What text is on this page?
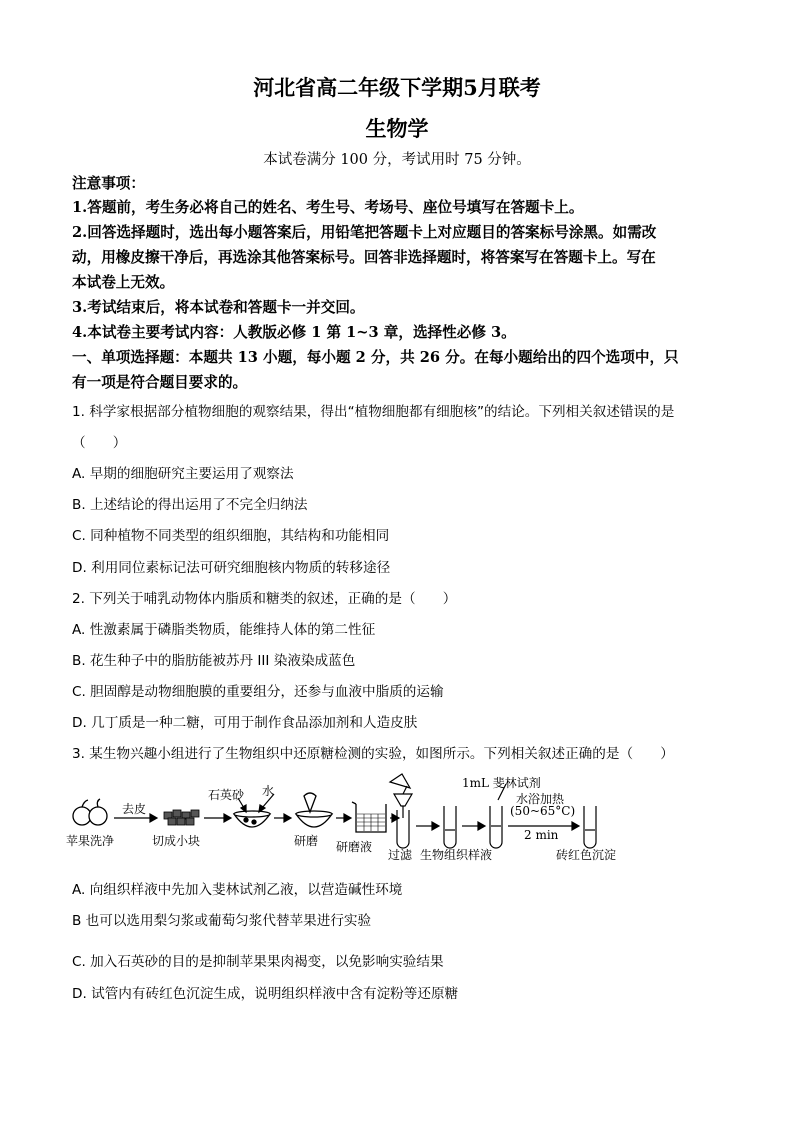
河北省高二年级下学期5月联考
生物学
本试卷满分 100 分，考试用时 75 分钟。
注意事项：
1.答题前，考生务必将自己的姓名、考生号、考场号、座位号填写在答题卡上。
2.回答选择题时，选出每小题答案后，用铅笔把答题卡上对应题目的答案标号涂黑。如需改
动，用橡皮擦干净后，再选涂其他答案标号。回答非选择题时，将答案写在答题卡上。写在
本试卷上无效。
3.考试结束后，将本试卷和答题卡一并交回。
4.本试卷主要考试内容：人教版必修 1 第 1~3 章，选择性必修 3。
一、单项选择题：本题共 13 小题，每小题 2 分，共 26 分。在每小题给出的四个选项中，只
有一项是符合题目要求的。
1. 科学家根据部分植物细胞的观察结果，得出“植物细胞都有细胞核”的结论。下列相关叙述错误的是
（　　）
A. 早期的细胞研究主要运用了观察法
B. 上述结论的得出运用了不完全归纳法
C. 同种植物不同类型的组织细胞，其结构和功能相同
D. 利用同位素标记法可研究细胞核内物质的转移途径
2. 下列关于哺乳动物体内脂质和糖类的叙述，正确的是（　　）
A. 性激素属于磷脂类物质，能维持人体的第二性征
B. 花生种子中的脂肪能被苏丹 III 染液染成蓝色
C. 胆固醇是动物细胞膜的重要组分，还参与血液中脂质的运输
D. 几丁质是一种二糖，可用于制作食品添加剂和人造皮肤
3. 某生物兴趣小组进行了生物组织中还原糖检测的实验，如图所示。下列相关叙述正确的是（　　）
苹果洗净
去皮
切成小块
石英砂 水
研磨 研磨液
过滤 生物组织样液
1mL 斐林试剂
水浴加热
(50~65°C)
2 min
砖红色沉淀
A. 向组织样液中先加入斐林试剂乙液，以营造碱性环境
B 也可以选用梨匀浆或葡萄匀浆代替苹果进行实验
C. 加入石英砂的目的是抑制苹果果肉褐变，以免影响实验结果
D. 试管内有砖红色沉淀生成，说明组织样液中含有淀粉等还原糖
